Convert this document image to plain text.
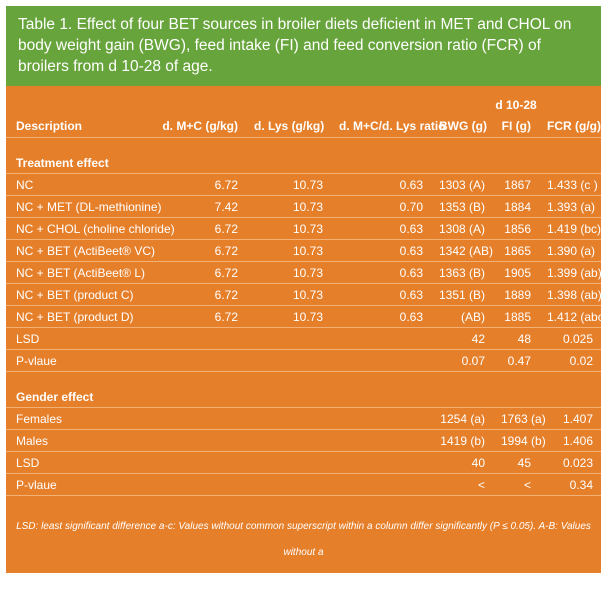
Table 1. Effect of four BET sources in broiler diets deficient in MET and CHOL on body weight gain (BWG), feed intake (FI) and feed conversion ratio (FCR) of broilers from d 10-28 of age.
				d 10-28		
Description	d. M+C (g/kg)	d. Lys (g/kg)	d. M+C/d. Lys ratio	BWG (g)	FI (g)	FCR (g/g)

Treatment effect						
NC	6.72	10.73	0.63	1303 (A)	1867	1.433 (c )
NC + MET (DL-methionine)	7.42	10.73	0.70	1353 (B)	1884	1.393 (a)
NC + CHOL (choline chloride)	6.72	10.73	0.63	1308 (A)	1856	1.419 (bc)
NC + BET (ActiBeet® VC)	6.72	10.73	0.63	1342 (AB)	1865	1.390 (a)
NC + BET (ActiBeet® L)	6.72	10.73	0.63	1363 (B)	1905	1.399 (ab)
NC + BET (product C)	6.72	10.73	0.63	1351 (B)	1889	1.398 (ab)
NC + BET (product D)	6.72	10.73	0.63	(AB)	1885	1.412 (abc)
LSD				42	48	0.025
P-vlaue				0.07	0.47	0.02

Gender effect						
Females				1254 (a)	1763 (a)	1.407
Males				1419 (b)	1994 (b)	1.406
LSD				40	45	0.023
P-vlaue				<	<	0.34
LSD: least significant difference a-c: Values without common superscript within a column differ significantly (P ≤ 0.05). A-B: Values without a
common superscript within a column tend to differ significantly (0.05 ≤ P < 0.10)
